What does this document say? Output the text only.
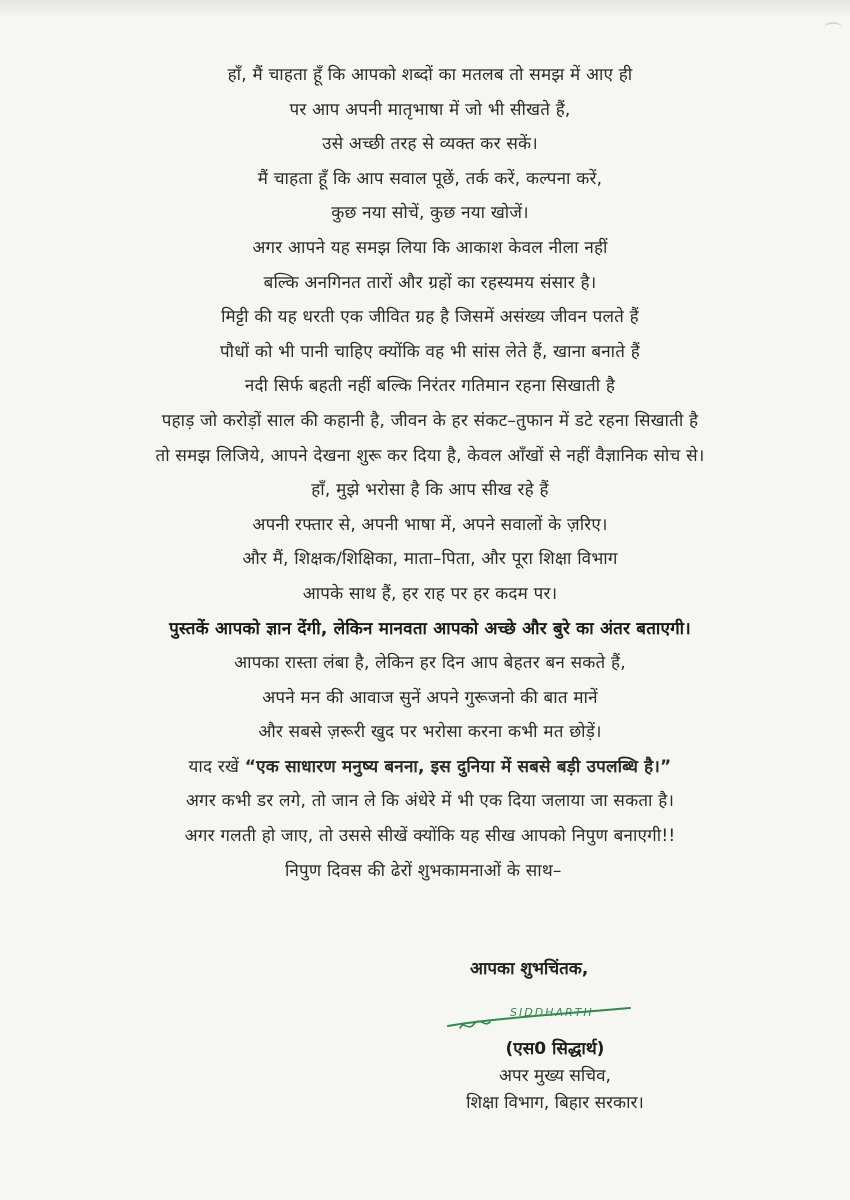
हाँ, मैं चाहता हूँ कि आपको शब्दों का मतलब तो समझ में आए ही
पर आप अपनी मातृभाषा में जो भी सीखते हैं,
उसे अच्छी तरह से व्यक्त कर सकें।
मैं चाहता हूँ कि आप सवाल पूछें, तर्क करें, कल्पना करें,
कुछ नया सोचें, कुछ नया खोजें।
अगर आपने यह समझ लिया कि आकाश केवल नीला नहीं
बल्कि अनगिनत तारों और ग्रहों का रहस्यमय संसार है।
मिट्टी की यह धरती एक जीवित ग्रह है जिसमें असंख्य जीवन पलते हैं
पौधों को भी पानी चाहिए क्योंकि वह भी सांस लेते हैं, खाना बनाते हैं
नदी सिर्फ बहती नहीं बल्कि निरंतर गतिमान रहना सिखाती है
पहाड़ जो करोड़ों साल की कहानी है, जीवन के हर संकट–तुफान में डटे रहना सिखाती है
तो समझ लिजिये, आपने देखना शुरू कर दिया है, केवल आँखों से नहीं वैज्ञानिक सोच से।
हाँ, मुझे भरोसा है कि आप सीख रहे हैं
अपनी रफ्तार से, अपनी भाषा में, अपने सवालों के ज़रिए।
और मैं, शिक्षक/शिक्षिका, माता–पिता, और पूरा शिक्षा विभाग
आपके साथ हैं, हर राह पर हर कदम पर।
पुस्तकें आपको ज्ञान देंगी, लेकिन मानवता आपको अच्छे और बुरे का अंतर बताएगी।
आपका रास्ता लंबा है, लेकिन हर दिन आप बेहतर बन सकते हैं,
अपने मन की आवाज सुनें अपने गुरूजनो की बात मानें
और सबसे ज़रूरी खुद पर भरोसा करना कभी मत छोड़ें।
याद रखें “एक साधारण मनुष्य बनना, इस दुनिया में सबसे बड़ी उपलब्धि है।”
अगर कभी डर लगे, तो जान ले कि अंधेरे में भी एक दिया जलाया जा सकता है।
अगर गलती हो जाए, तो उससे सीखें क्योंकि यह सीख आपको निपुण बनाएगी!!
निपुण दिवस की ढेरों शुभकामनाओं के साथ–
आपका शुभचिंतक,
SIDDHARTH
(एस0 सिद्धार्थ)
अपर मुख्य सचिव,
शिक्षा विभाग, बिहार सरकार।
